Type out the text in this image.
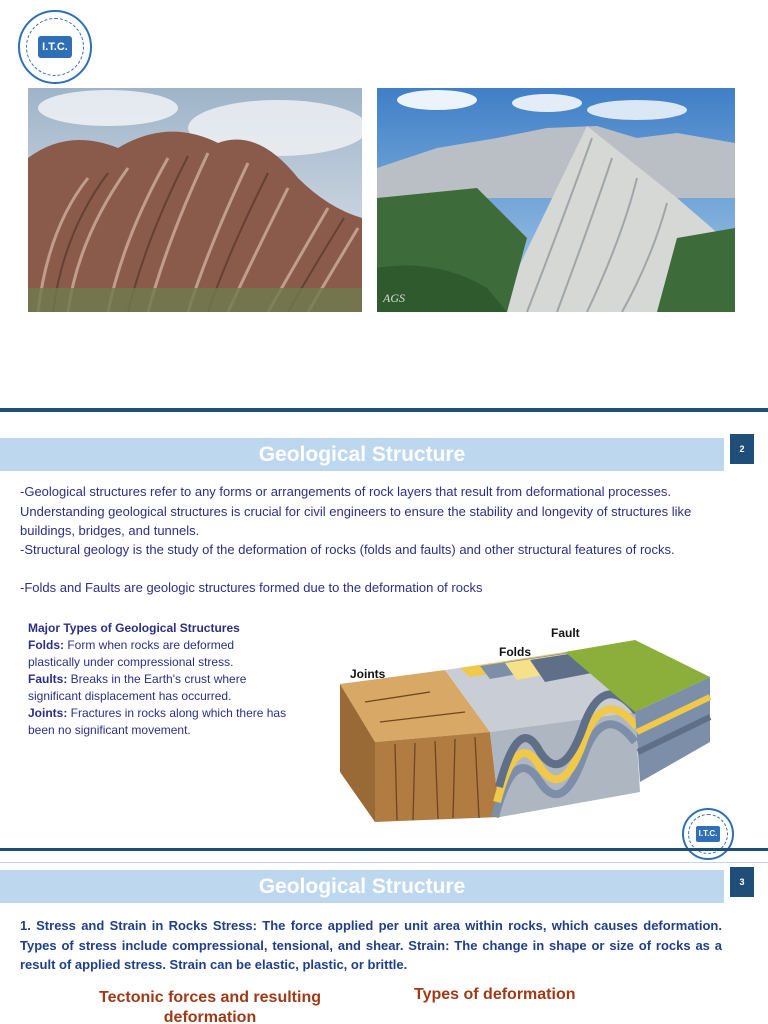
I.T.C.
AGS
Geological Structure	2
-Geological structures refer to any forms or arrangements of rock layers that result from deformational processes. Understanding geological structures is crucial for civil engineers to ensure the stability and longevity of structures like buildings, bridges, and tunnels.
-Structural geology is the study of the deformation of rocks (folds and faults) and other structural features of rocks.
-Folds and Faults are geologic structures formed due to the deformation of rocks
Major Types of Geological Structures
Folds: Form when rocks are deformed plastically under compressional stress.
Faults: Breaks in the Earth's crust where significant displacement has occurred.
Joints: Fractures in rocks along which there has been no significant movement.
Fault
Folds
Joints
I.T.C.
Geological Structure	3
1. Stress and Strain in Rocks Stress: The force applied per unit area within rocks, which causes deformation. Types of stress include compressional, tensional, and shear. Strain: The change in shape or size of rocks as a result of applied stress. Strain can be elastic, plastic, or brittle.
Tectonic forces and resulting deformation
Types of deformation
